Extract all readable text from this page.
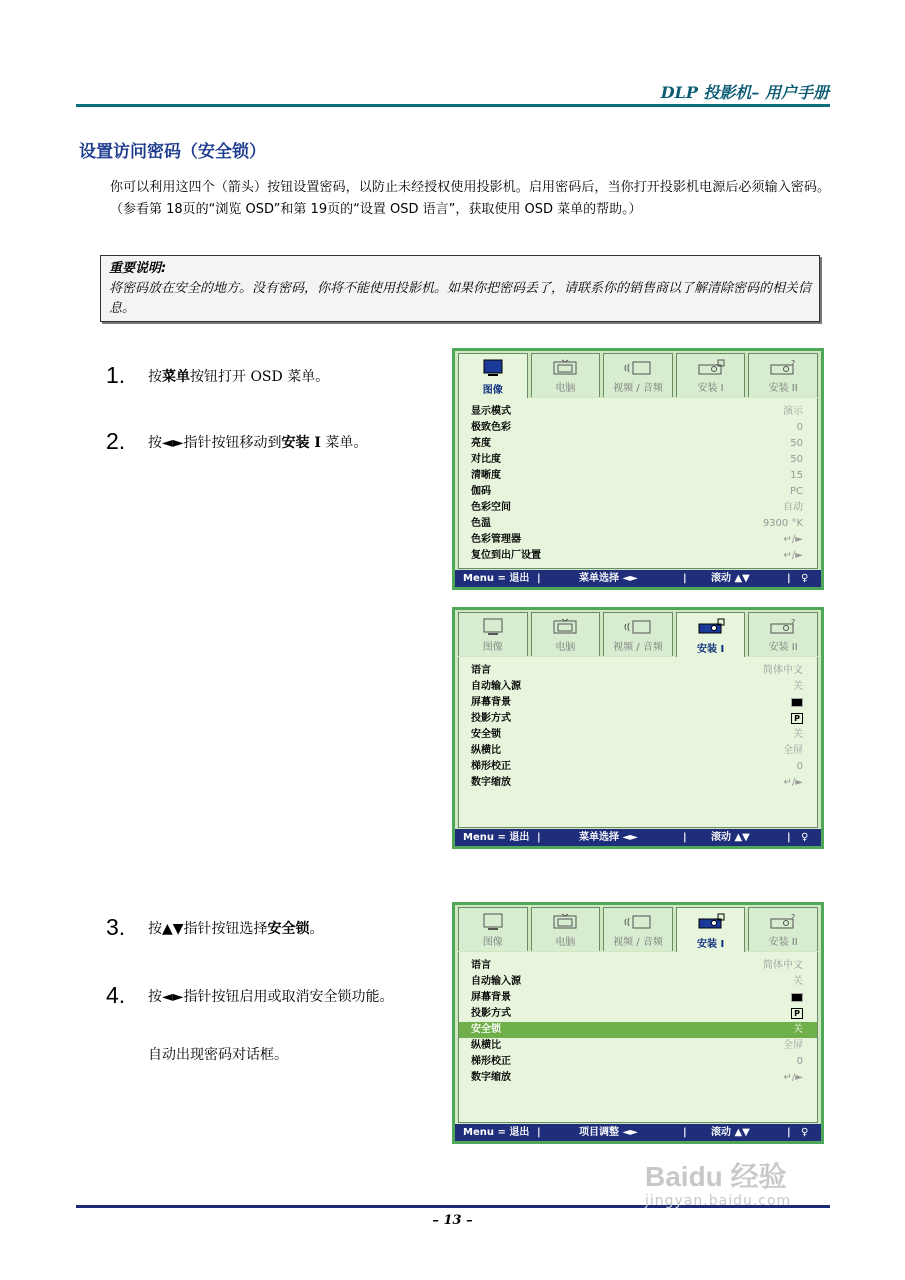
DLP 投影机– 用户手册
设置访问密码（安全锁）

你可以利用这四个（箭头）按钮设置密码，以防止未经授权使用投影机。启用密码后，当你打开投影机电源后必须输入密码。（参看第 18页的“浏览 OSD”和第 19页的“设置 OSD 语言”，获取使用 OSD 菜单的帮助。）

重要说明:
将密码放在安全的地方。没有密码，你将不能使用投影机。如果你把密码丢了，请联系你的销售商以了解清除密码的相关信息。
1. 按菜单按钮打开 OSD 菜单。
2. 按◄►指针按钮移动到安装 I 菜单。
3. 按▲▼指针按钮选择安全锁。
4. 按◄►指针按钮启用或取消安全锁功能。
自动出现密码对话框。
图像	电脑	视频 / 音频	安装 I
?
安装 II
显示模式	演示
极致色彩	0
亮度	50
对比度	50
清晰度	15
伽码	PC
色彩空间	自动
色温	9300 °K
色彩管理器	↵/►
复位到出厂设置	↵/►
Menu = 退出 |	菜单选择 ◄►	| 滚动 ▲▼	| ♀
图像	电脑	视频 / 音频	安装 I
?
安装 II
语言	简体中文
自动输入源	关
屏幕背景
投影方式	P
安全锁	关
纵横比	全屏
梯形校正	0
数字缩放	↵/►
Menu = 退出 |	菜单选择 ◄►	| 滚动 ▲▼	| ♀
图像	电脑	视频 / 音频	安装 I
?
安装 II
语言	简体中文
自动输入源	关
屏幕背景
投影方式	P
安全锁	关
纵横比	全屏
梯形校正	0
数字缩放	↵/►
Menu = 退出 |	项目调整 ◄►	| 滚动 ▲▼	| ♀
– 13 –
Baidu 经验
jingyan.baidu.com
